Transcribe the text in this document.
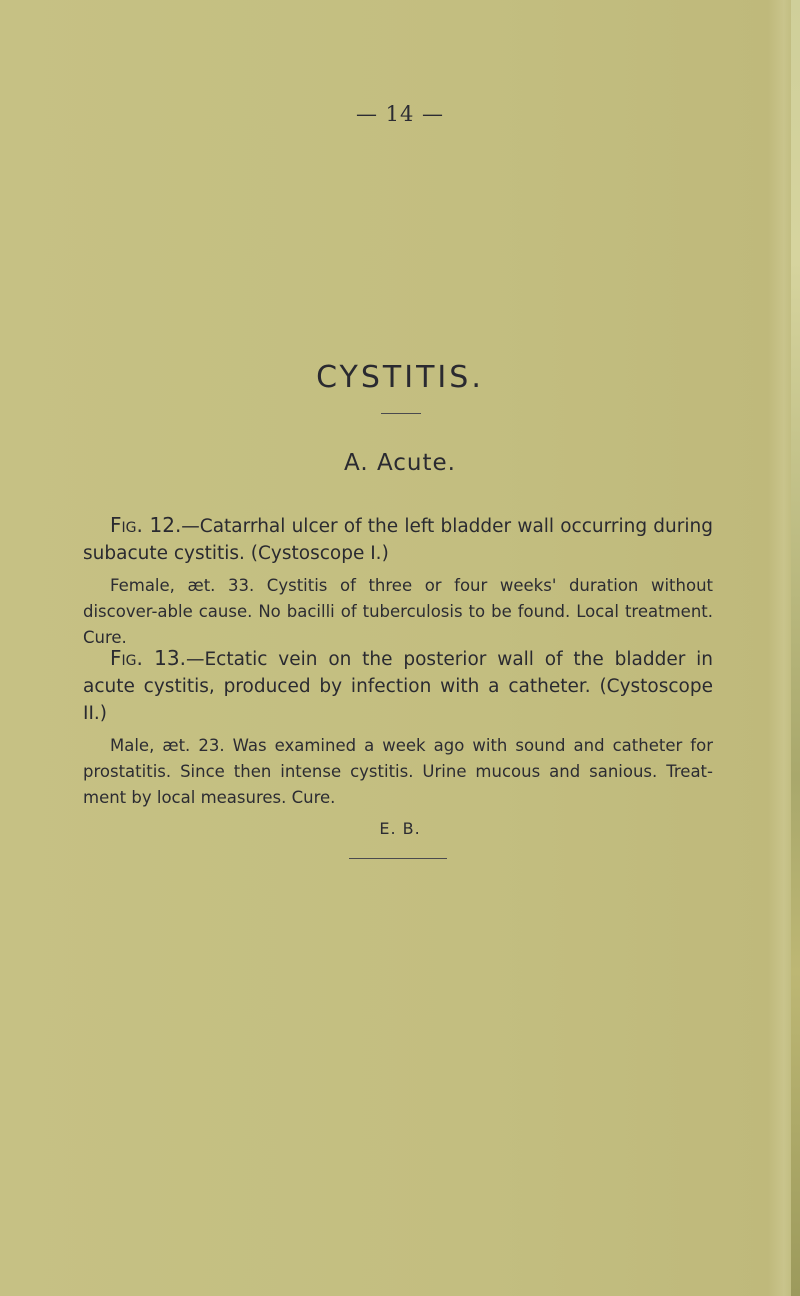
— 14 —
CYSTITIS.
A. Acute.

Fig. 12.—Catarrhal ulcer of the left bladder wall occurring during subacute cystitis. (Cystoscope I.)

Female, æt. 33. Cystitis of three or four weeks' duration without discover-able cause. No bacilli of tuberculosis to be found. Local treatment. Cure.

Fig. 13.—Ectatic vein on the posterior wall of the bladder in acute cystitis, produced by infection with a catheter. (Cystoscope II.)

Male, æt. 23. Was examined a week ago with sound and catheter for prostatitis. Since then intense cystitis. Urine mucous and sanious. Treat-ment by local measures. Cure.

E. B.
